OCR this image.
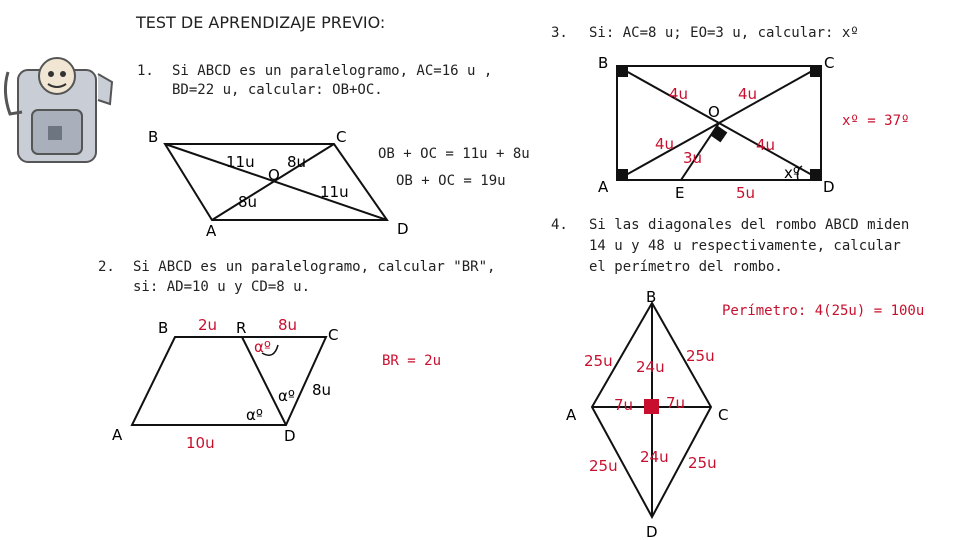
TEST DE APRENDIZAJE PREVIO:
1. Si ABCD es un paralelogramo, AC=16 u ,
BD=22 u, calcular: OB+OC.
B	C
A	D
O
11u 8u
8u
11u
OB + OC = 11u + 8u
OB + OC = 19u
2. Si ABCD es un paralelogramo, calcular "BR",
si: AD=10 u y CD=8 u.
B	R	C
A	D
2u	8u
8u
10u
αº
αº
αº
BR = 2u
3. Si: AC=8 u; EO=3 u, calcular: xº
B	C
A	D
E
O
4u	4u
4u	4u
3u
5u
xº
xº = 37º
4. Si las diagonales del rombo ABCD miden
14 u y 48 u respectivamente, calcular
el perímetro del rombo.
B
A	C
D
25u	25u
25u	25u
24u
24u
7u 7u
Perímetro: 4(25u) = 100u
